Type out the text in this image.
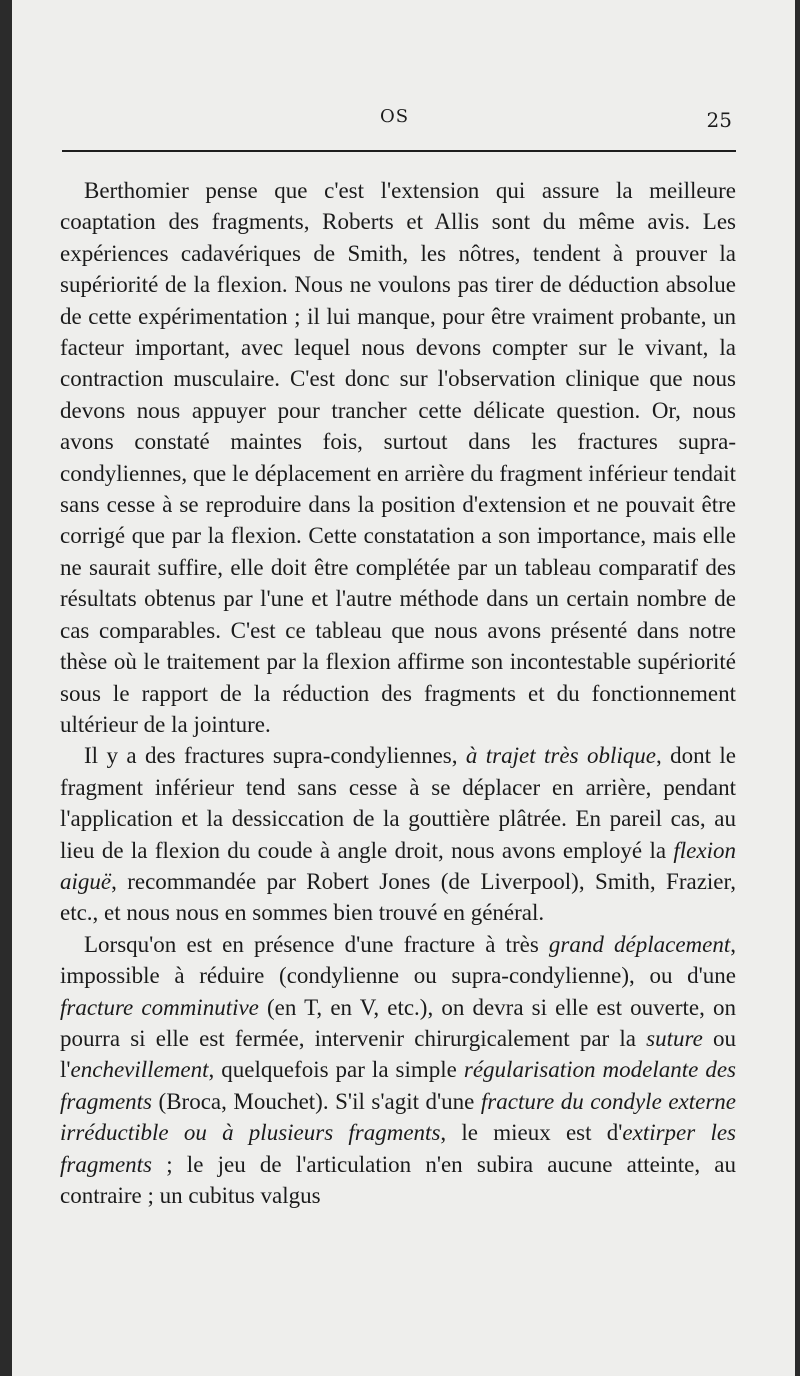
OS	25

Berthomier pense que c'est l'extension qui assure la meilleure coaptation des fragments, Roberts et Allis sont du même avis. Les expériences cadavériques de Smith, les nôtres, tendent à prouver la supériorité de la flexion. Nous ne voulons pas tirer de déduction absolue de cette expérimentation ; il lui manque, pour être vraiment probante, un facteur important, avec lequel nous devons compter sur le vivant, la contraction musculaire. C'est donc sur l'observation clinique que nous devons nous appuyer pour trancher cette délicate question. Or, nous avons constaté maintes fois, surtout dans les fractures supra-condyliennes, que le déplacement en arrière du fragment inférieur tendait sans cesse à se reproduire dans la position d'extension et ne pouvait être corrigé que par la flexion. Cette constatation a son importance, mais elle ne saurait suffire, elle doit être complétée par un tableau comparatif des résultats obtenus par l'une et l'autre méthode dans un certain nombre de cas comparables. C'est ce tableau que nous avons présenté dans notre thèse où le traitement par la flexion affirme son incontestable supériorité sous le rapport de la réduction des fragments et du fonctionnement ultérieur de la jointure.

Il y a des fractures supra-condyliennes, à trajet très oblique, dont le fragment inférieur tend sans cesse à se déplacer en arrière, pendant l'application et la dessiccation de la gouttière plâtrée. En pareil cas, au lieu de la flexion du coude à angle droit, nous avons employé la flexion aiguë, recommandée par Robert Jones (de Liverpool), Smith, Frazier, etc., et nous nous en sommes bien trouvé en général.

Lorsqu'on est en présence d'une fracture à très grand déplacement, impossible à réduire (condylienne ou supra-condylienne), ou d'une fracture comminutive (en T, en V, etc.), on devra si elle est ouverte, on pourra si elle est fermée, intervenir chirurgicalement par la suture ou l'enchevillement, quelquefois par la simple régularisation modelante des fragments (Broca, Mouchet). S'il s'agit d'une fracture du condyle externe irréductible ou à plusieurs fragments, le mieux est d'extirper les fragments ; le jeu de l'articulation n'en subira aucune atteinte, au contraire ; un cubitus valgus
